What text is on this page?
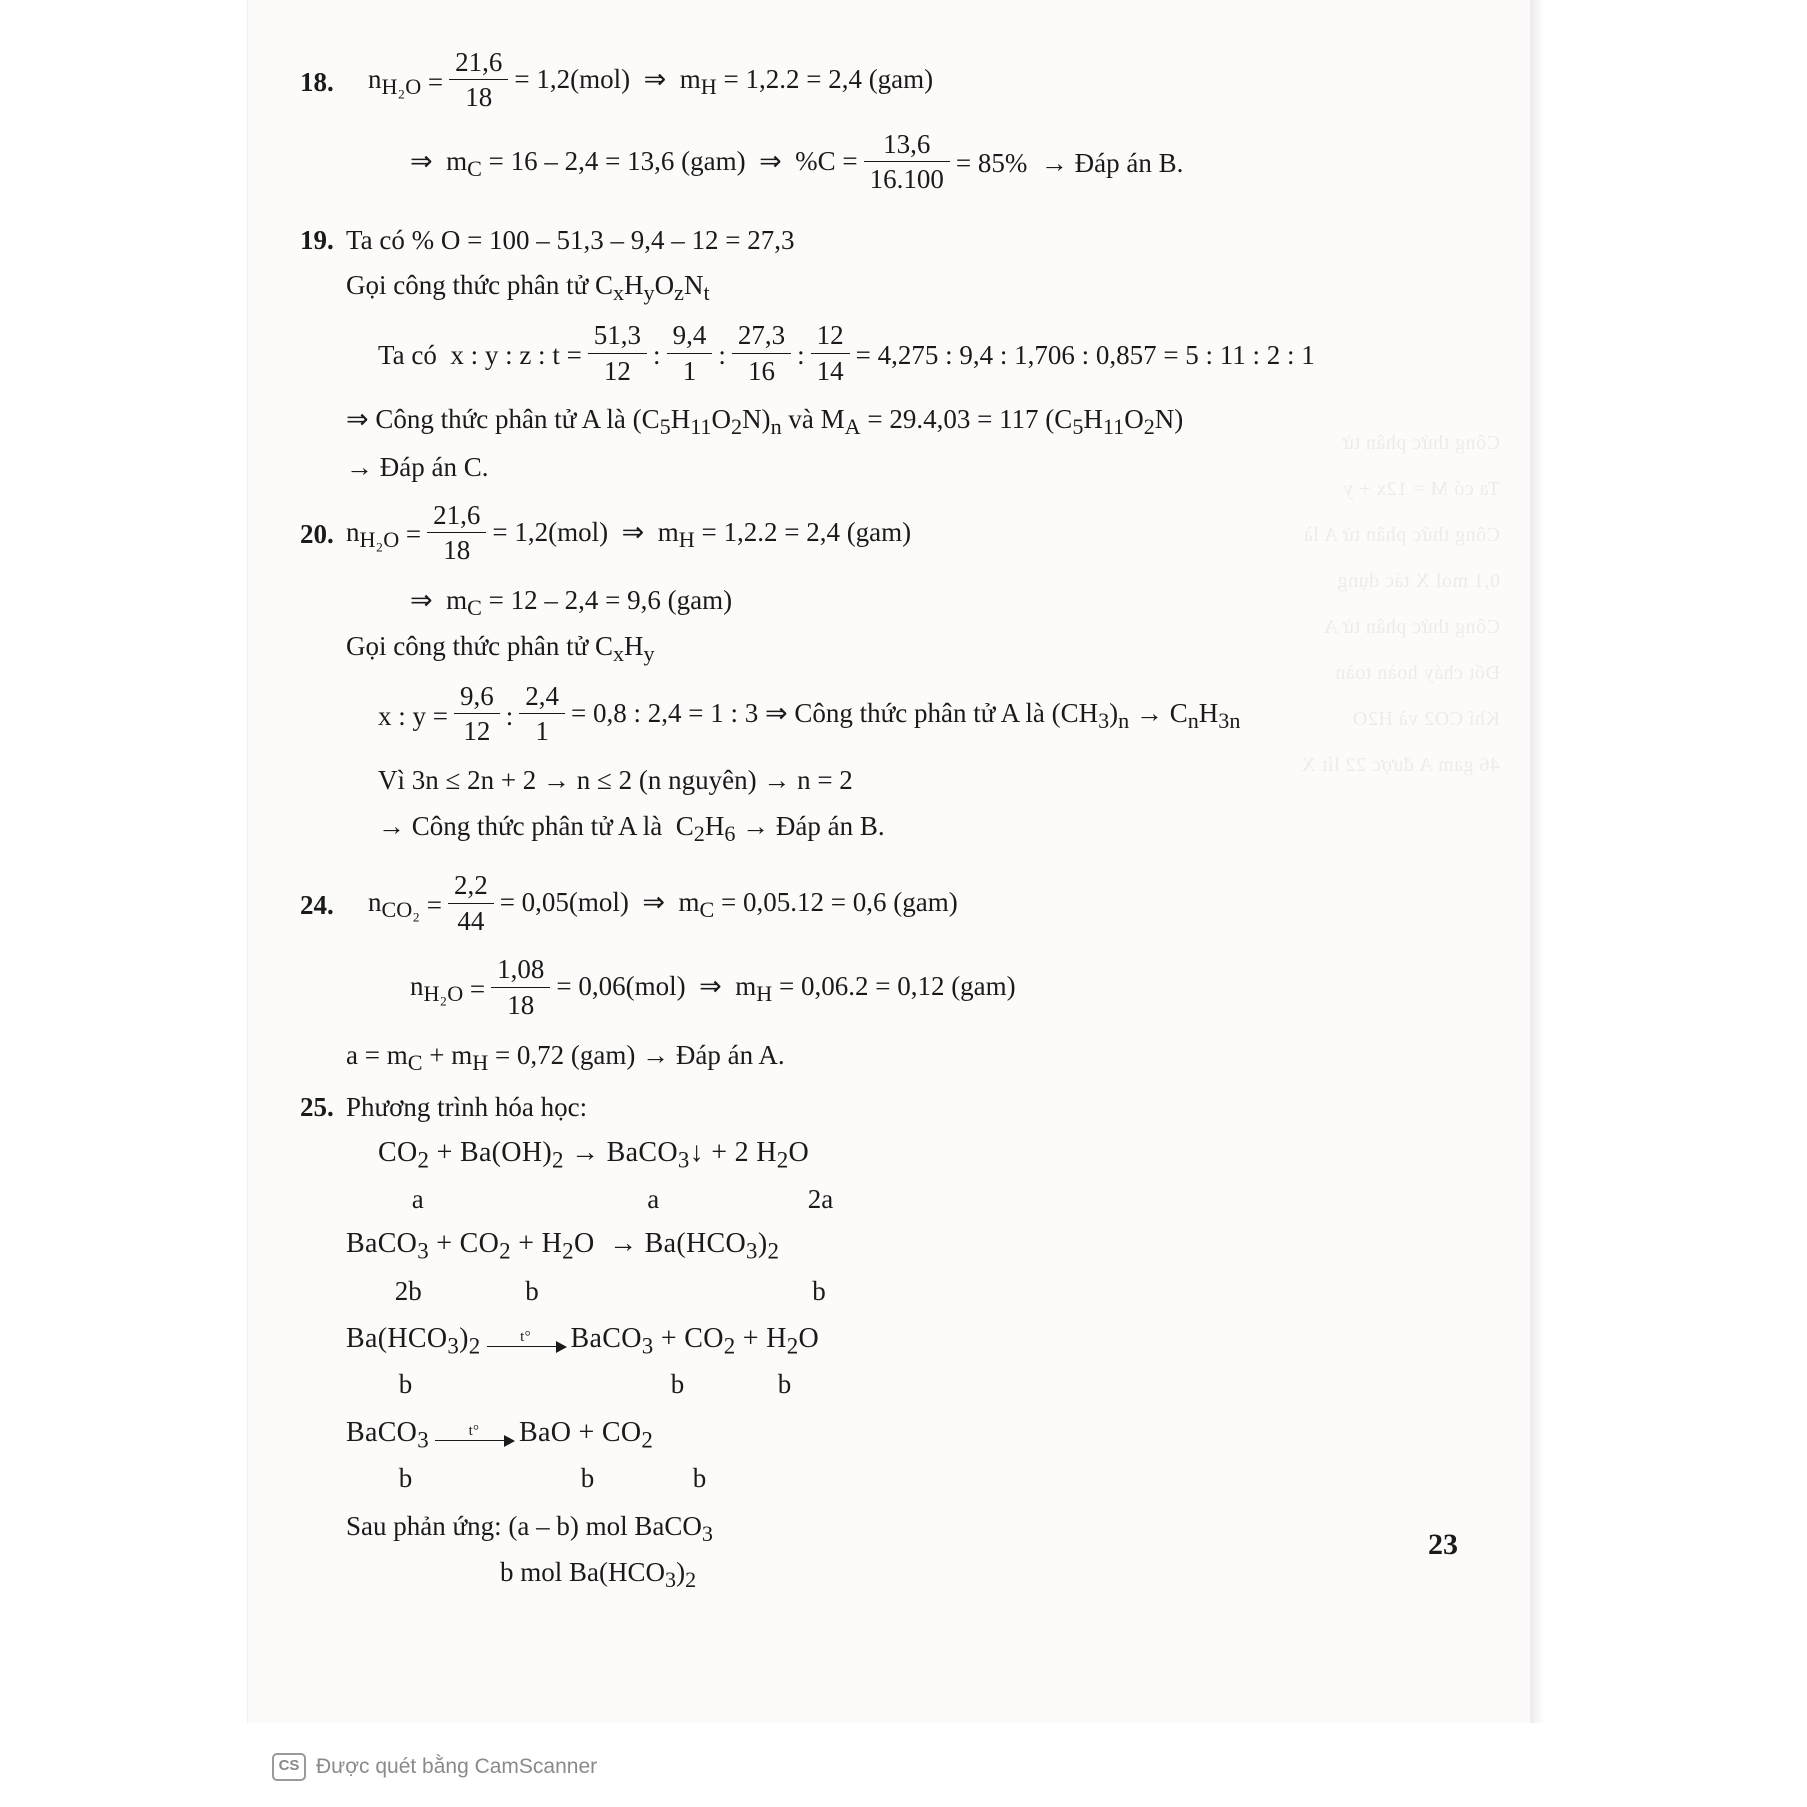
18.	$n_{H_2O} = \frac{21,6}{18} = 1,2(mol)$  ⇒  $m_H = 1,2.2 = 2,4$ (gam)
⇒  $m_C = 16 - 2,4 = 13,6$ (gam)  ⇒  $\%C = \frac{13,6}{16.100} = 85\%$  → Đáp án B.
19. Ta có % O = 100 – 51,3 – 9,4 – 12 = 27,3
Gọi công thức phân tử $C_xH_yO_zN_t$
Ta có  x : y : z : $t = \frac{51,3}{12}$ : $\frac{9,4}{1}$ : $\frac{27,3}{16}$ : $\frac{12}{14} = 4,275$ : 9,4 : 1,706 : 0,857 = 5 : 11 : 2 : 1
⇒ Công thức phân tử A là $(C_5H_{11}O_2N)_n$ và $M_A = 29.4,03 = 117$ $(C_5H_{11}O_2N)$
→ Đáp án C.
20. $n_{H_2O} = \frac{21,6}{18} = 1,2(mol)$  ⇒  $m_H = 1,2.2 = 2,4$ (gam)
⇒  $m_C = 12 - 2,4 = 9,6$ (gam)
Gọi công thức phân tử $C_xH_y$
x : $y = \frac{9,6}{12}$ : $\frac{2,4}{1} = 0,8$ : 2,4 = 1 : 3 ⇒ Công thức phân tử A là $(CH_3)_n \to C_nH_{3n}$
Vì 3n ≤ 2n + 2 → n ≤ 2 (n nguyên) → n = 2
→ Công thức phân tử A là  $C_2H_6$ → Đáp án B.
24.	$n_{CO_2} = \frac{2,2}{44} = 0,05(mol)$  ⇒  $m_C = 0,05.12 = 0,6$ (gam)
$n_{H_2O} = \frac{1,08}{18} = 0,06(mol)$  ⇒  $m_H = 0,06.2 = 0,12$ (gam)
$a = m_C + m_H = 0,72$ (gam) → Đáp án A.
25. Phương trình hóa học:
$CO_2 + Ba(OH)_2$ → BaCO$_3$↓ + 2 $H_2O$
a	a	2a
BaCO$_3$ + $CO_2 + H_2O \to Ba(HCO_3)_2$
2b	b	b
$Ba(HCO_3)_2$	t° BaCO$_3$ + $CO_2 + H_2O$
b	b	b
BaCO$_3$	t° BaO + $CO_2$
b	b	b
Sau phản ứng: (a – b) mol BaCO$_3$
b mol $Ba(HCO_3)_2$
23
CS Được quét bằng CamScanner
